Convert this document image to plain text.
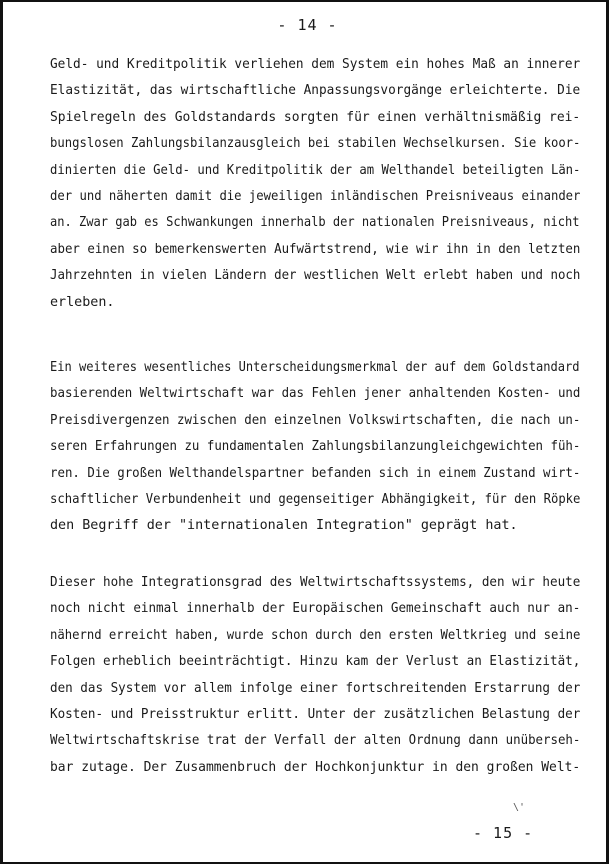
- 14 -
Geld- und Kreditpolitik verliehen dem System ein hohes Maß an innerer
Elastizität, das wirtschaftliche Anpassungsvorgänge erleichterte. Die
Spielregeln des Goldstandards sorgten für einen verhältnismäßig rei-
bungslosen Zahlungsbilanzausgleich bei stabilen Wechselkursen. Sie koor-
dinierten die Geld- und Kreditpolitik der am Welthandel beteiligten Län-
der und näherten damit die jeweiligen inländischen Preisniveaus einander
an. Zwar gab es Schwankungen innerhalb der nationalen Preisniveaus, nicht
aber einen so bemerkenswerten Aufwärtstrend, wie wir ihn in den letzten
Jahrzehnten in vielen Ländern der westlichen Welt erlebt haben und noch
erleben.
Ein weiteres wesentliches Unterscheidungsmerkmal der auf dem Goldstandard
basierenden Weltwirtschaft war das Fehlen jener anhaltenden Kosten- und
Preisdivergenzen zwischen den einzelnen Volkswirtschaften, die nach un-
seren Erfahrungen zu fundamentalen Zahlungsbilanzungleichgewichten füh-
ren. Die großen Welthandelspartner befanden sich in einem Zustand wirt-
schaftlicher Verbundenheit und gegenseitiger Abhängigkeit, für den Röpke
den Begriff der "internationalen Integration" geprägt hat.
Dieser hohe Integrationsgrad des Weltwirtschaftssystems, den wir heute
noch nicht einmal innerhalb der Europäischen Gemeinschaft auch nur an-
nähernd erreicht haben, wurde schon durch den ersten Weltkrieg und seine
Folgen erheblich beeinträchtigt. Hinzu kam der Verlust an Elastizität,
den das System vor allem infolge einer fortschreitenden Erstarrung der
Kosten- und Preisstruktur erlitt. Unter der zusätzlichen Belastung der
Weltwirtschaftskrise trat der Verfall der alten Ordnung dann unüberseh-
bar zutage. Der Zusammenbruch der Hochkonjunktur in den großen Welt-
\'
- 15 -
